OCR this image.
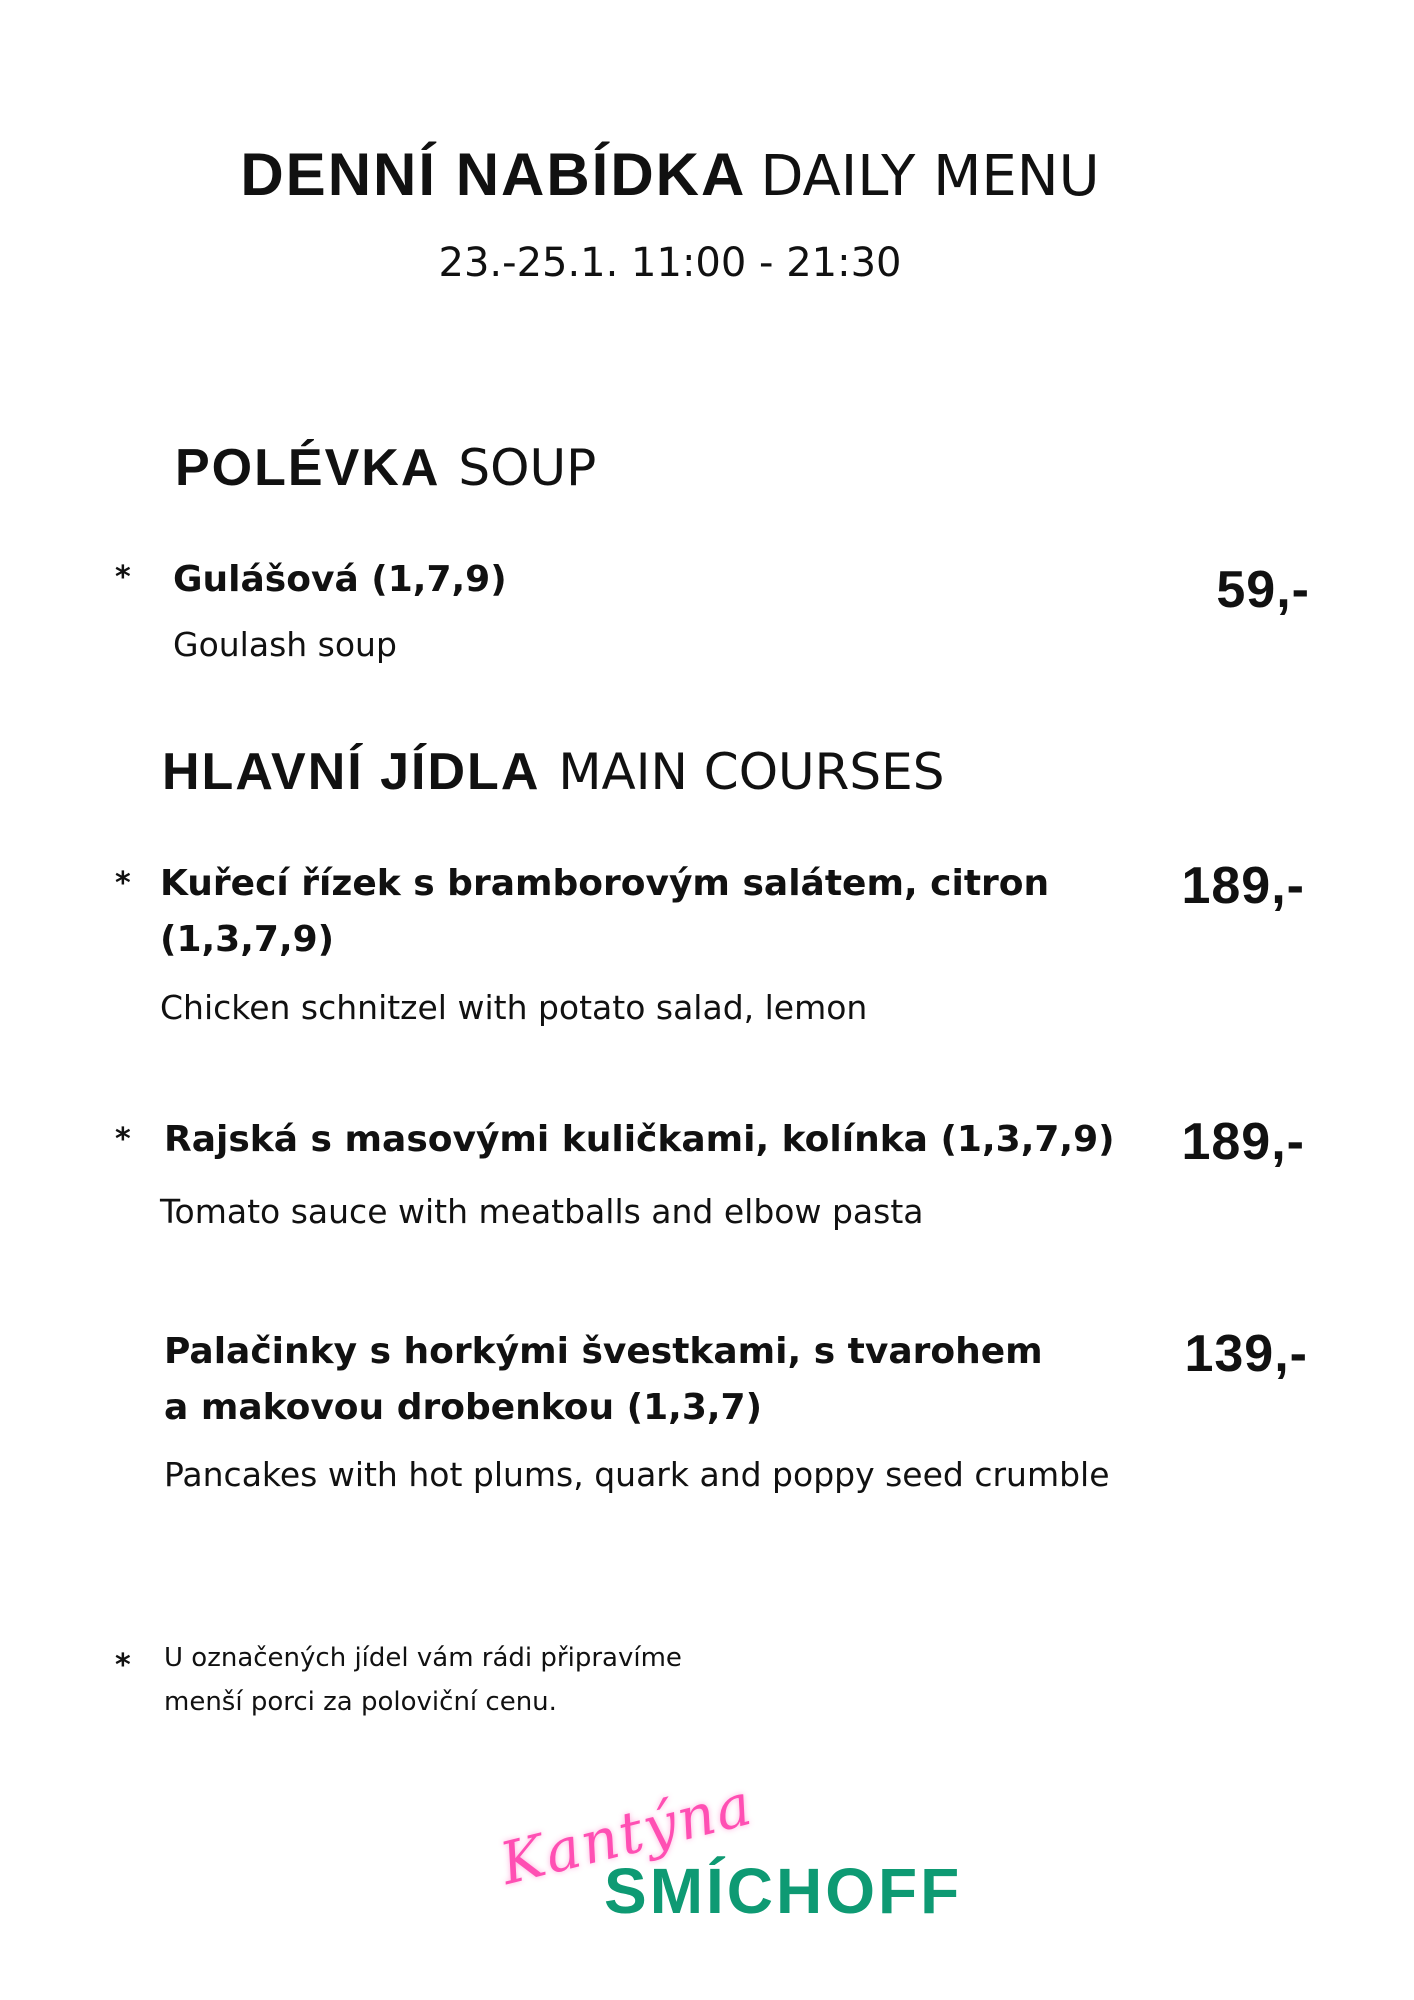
DENNÍ NABÍDKA DAILY MENU
23.-25.1. 11:00 - 21:30
POLÉVKA SOUP
* Gulášová (1,7,9)
Goulash soup
59,-
HLAVNÍ JÍDLA MAIN COURSES
* Kuřecí řízek s bramborovým salátem, citron
(1,3,7,9)
Chicken schnitzel with potato salad, lemon
189,-
* Rajská s masovými kuličkami, kolínka (1,3,7,9)
Tomato sauce with meatballs and elbow pasta
189,-
Palačinky s horkými švestkami, s tvarohem
a makovou drobenkou (1,3,7)
Pancakes with hot plums, quark and poppy seed crumble
139,-
* U označených jídel vám rádi připravíme
menší porci za poloviční cenu.
Kantýna
SMÍCHOFF
